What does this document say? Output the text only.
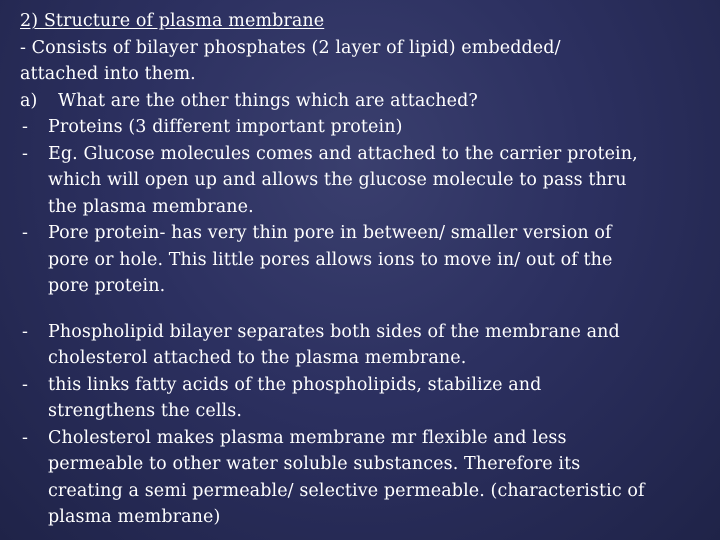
2) Structure of plasma membrane
- Consists of bilayer phosphates (2 layer of lipid) embedded/
attached into them.
a) What are the other things which are attached?
- Proteins (3 different important protein)
- Eg. Glucose molecules comes and attached to the carrier protein,
which will open up and allows the glucose molecule to pass thru
the plasma membrane.
- Pore protein- has very thin pore in between/ smaller version of
pore or hole. This little pores allows ions to move in/ out of the
pore protein.
- Phospholipid bilayer separates both sides of the membrane and
cholesterol attached to the plasma membrane.
- this links fatty acids of the phospholipids, stabilize and
strengthens the cells.
- Cholesterol makes plasma membrane mr flexible and less
permeable to other water soluble substances. Therefore its
creating a semi permeable/ selective permeable. (characteristic of
plasma membrane)
